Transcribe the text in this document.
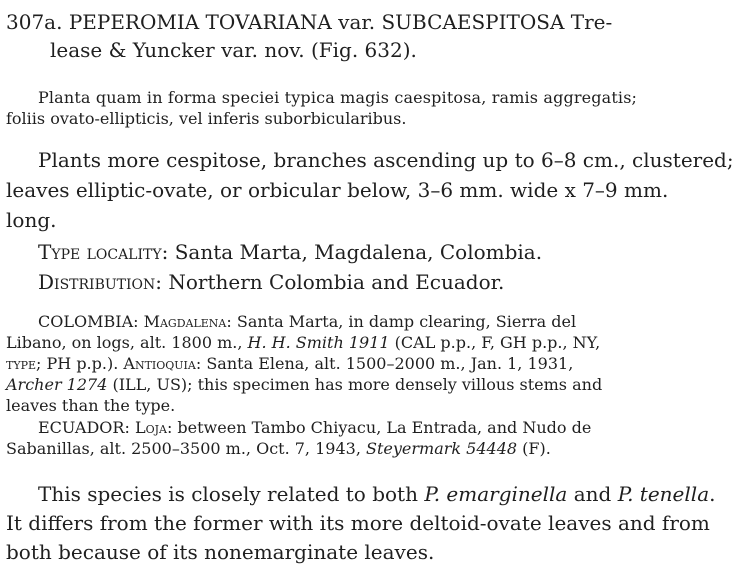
307a. PEPEROMIA TOVARIANA var. SUBCAESPITOSA Tre-
lease & Yuncker var. nov. (Fig. 632).
Planta quam in forma speciei typica magis caespitosa, ramis aggregatis;
foliis ovato-ellipticis, vel inferis suborbicularibus.
Plants more cespitose, branches ascending up to 6–8 cm., clustered;
leaves elliptic-ovate, or orbicular below, 3–6 mm. wide x 7–9 mm.
long.
Type locality: Santa Marta, Magdalena, Colombia.
Distribution: Northern Colombia and Ecuador.
COLOMBIA: Magdalena: Santa Marta, in damp clearing, Sierra del
Libano, on logs, alt. 1800 m., H. H. Smith 1911 (CAL p.p., F, GH p.p., NY,
type; PH p.p.). Antioquia: Santa Elena, alt. 1500–2000 m., Jan. 1, 1931,
Archer 1274 (ILL, US); this specimen has more densely villous stems and
leaves than the type.
ECUADOR: Loja: between Tambo Chiyacu, La Entrada, and Nudo de
Sabanillas, alt. 2500–3500 m., Oct. 7, 1943, Steyermark 54448 (F).
This species is closely related to both P. emarginella and P. tenella.
It differs from the former with its more deltoid-ovate leaves and from
both because of its nonemarginate leaves.
